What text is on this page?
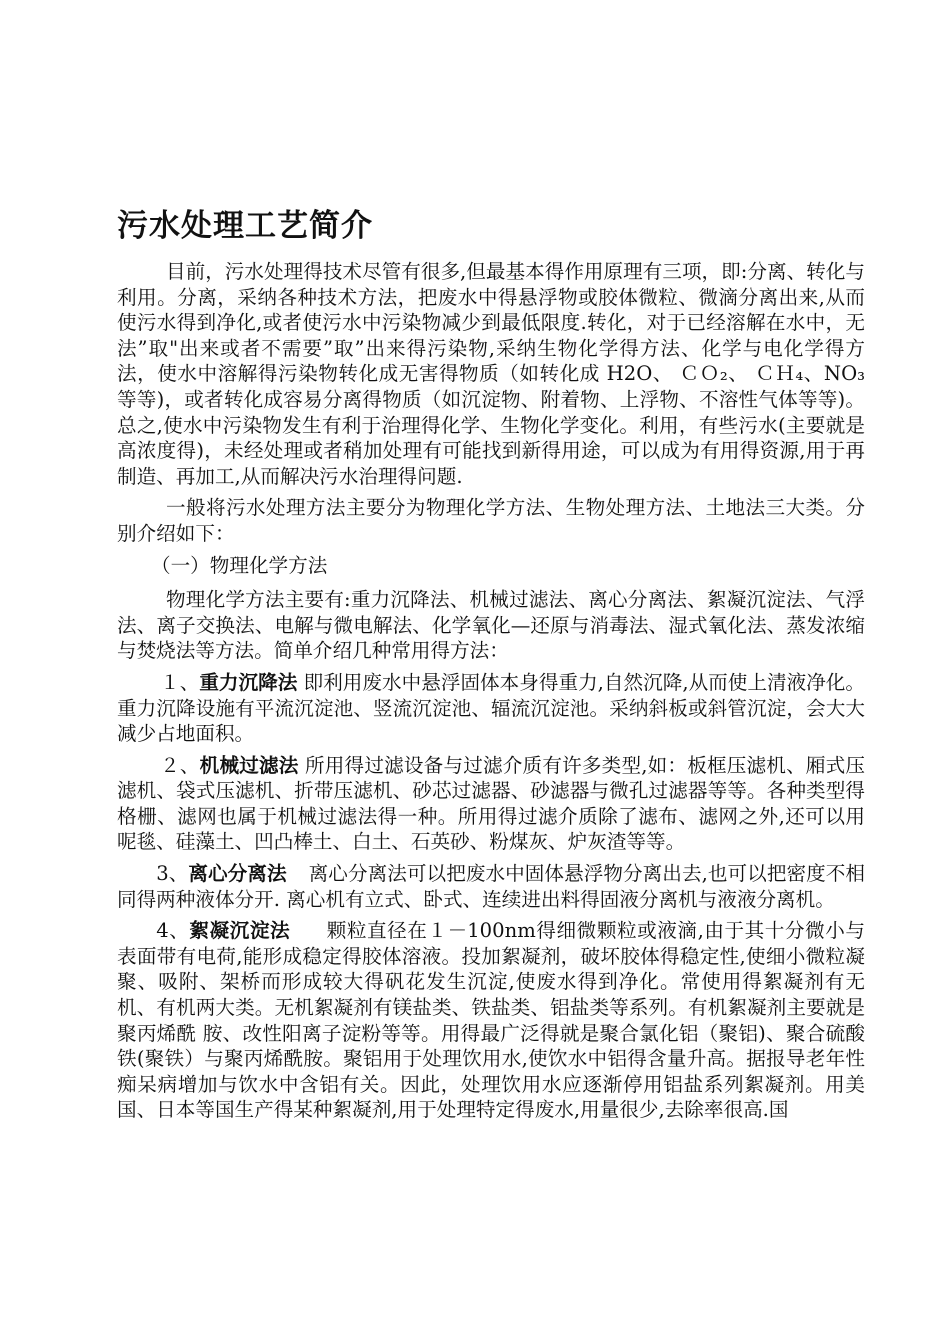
污水处理工艺简介

目前，污水处理得技术尽管有很多,但最基本得作用原理有三项，即:分离、转化与利用。分离，采纳各种技术方法，把废水中得悬浮物或胶体微粒、微滴分离出来,从而使污水得到净化,或者使污水中污染物减少到最低限度.转化，对于已经溶解在水中，无法”取"出来或者不需要”取”出来得污染物,采纳生物化学得方法、化学与电化学得方法，使水中溶解得污染物转化成无害得物质（如转化成 H2O、 ＣＯ₂、 ＣＨ₄、NO₃等等)，或者转化成容易分离得物质（如沉淀物、附着物、上浮物、不溶性气体等等)。总之,使水中污染物发生有利于治理得化学、生物化学变化。利用，有些污水(主要就是高浓度得)，未经处理或者稍加处理有可能找到新得用途，可以成为有用得资源,用于再制造、再加工,从而解决污水治理得问题.

一般将污水处理方法主要分为物理化学方法、生物处理方法、土地法三大类。分别介绍如下：

（一）物理化学方法

物理化学方法主要有:重力沉降法、机械过滤法、离心分离法、絮凝沉淀法、气浮法、离子交换法、电解与微电解法、化学氧化—还原与消毒法、湿式氧化法、蒸发浓缩与焚烧法等方法。简单介绍几种常用得方法：

１、重力沉降法 即利用废水中悬浮固体本身得重力,自然沉降,从而使上清液净化。重力沉降设施有平流沉淀池、竖流沉淀池、辐流沉淀池。采纳斜板或斜管沉淀，会大大减少占地面积。

２、机械过滤法 所用得过滤设备与过滤介质有许多类型,如：板框压滤机、厢式压滤机、袋式压滤机、折带压滤机、砂芯过滤器、砂滤器与微孔过滤器等等。各种类型得格栅、滤网也属于机械过滤法得一种。所用得过滤介质除了滤布、滤网之外,还可以用呢毯、硅藻土、凹凸棒土、白土、石英砂、粉煤灰、炉灰渣等等。

3、离心分离法 离心分离法可以把废水中固体悬浮物分离出去,也可以把密度不相同得两种液体分开. 离心机有立式、卧式、连续进出料得固液分离机与液液分离机。

4、絮凝沉淀法 颗粒直径在１－100nm得细微颗粒或液滴,由于其十分微小与表面带有电荷,能形成稳定得胶体溶液。投加絮凝剂，破坏胶体得稳定性,使细小微粒凝聚、吸附、架桥而形成较大得矾花发生沉淀,使废水得到净化。常使用得絮凝剂有无机、有机两大类。无机絮凝剂有镁盐类、铁盐类、铝盐类等系列。有机絮凝剂主要就是聚丙烯酰 胺、改性阳离子淀粉等等。用得最广泛得就是聚合氯化铝（聚铝)、聚合硫酸铁(聚铁）与聚丙烯酰胺。聚铝用于处理饮用水,使饮水中铝得含量升高。据报导老年性痴呆病增加与饮水中含铝有关。因此，处理饮用水应逐渐停用铝盐系列絮凝剂。用美国、日本等国生产得某种絮凝剂,用于处理特定得废水,用量很少,去除率很高.国
